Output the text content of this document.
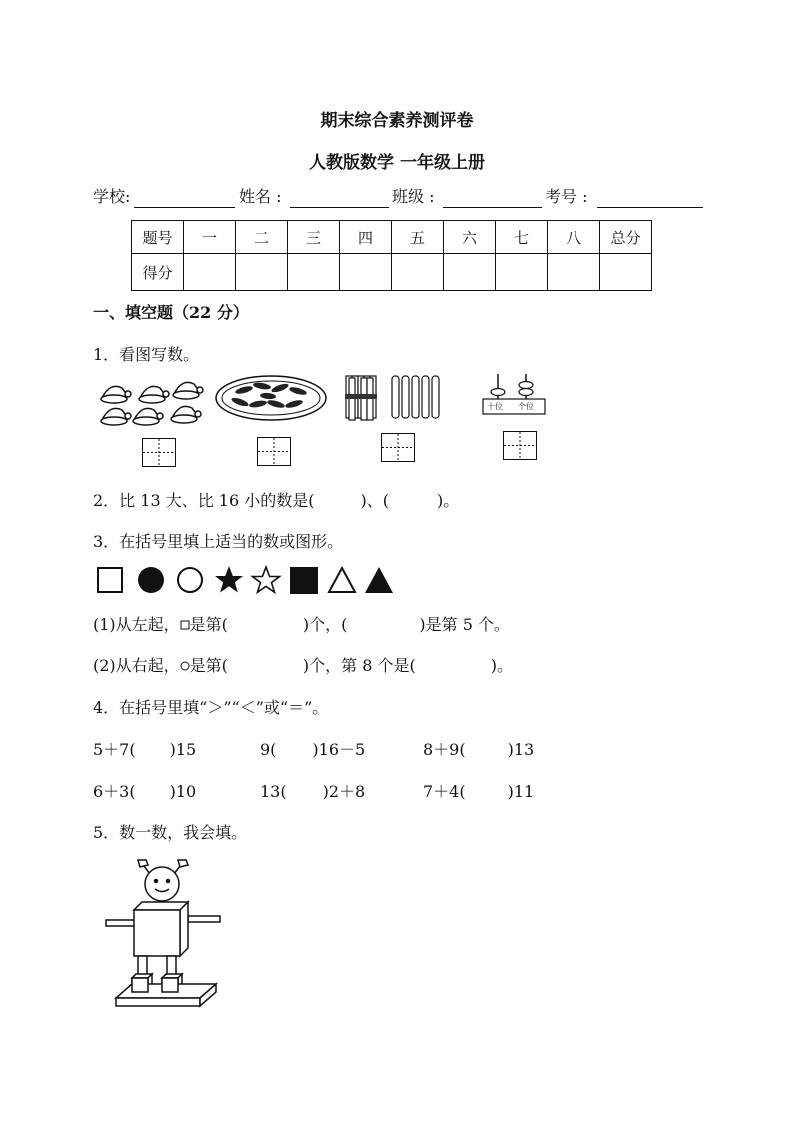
期末综合素养测评卷
人教版数学 一年级上册
学校:	姓名 :	班级 :	考号 :
题号	一	二	三	四	五	六	七	八	总分
得分									
一、填空题（22 分）
1．看图写数。
十位 个位
2．比 13 大、比 16 小的数是(	)、(	)。
3．在括号里填上适当的数或图形。
(1)从左起， 是第(	)个，(	)是第 5 个。
(2)从右起， 是第(	)个，第 8 个是(	)。
4．在括号里填“＞”“＜”或“＝”。
5＋7( )15	9( )16－5	8＋9(	)13
6＋3( )10	13( )2＋8	7＋4(	)11
5．数一数，我会填。
